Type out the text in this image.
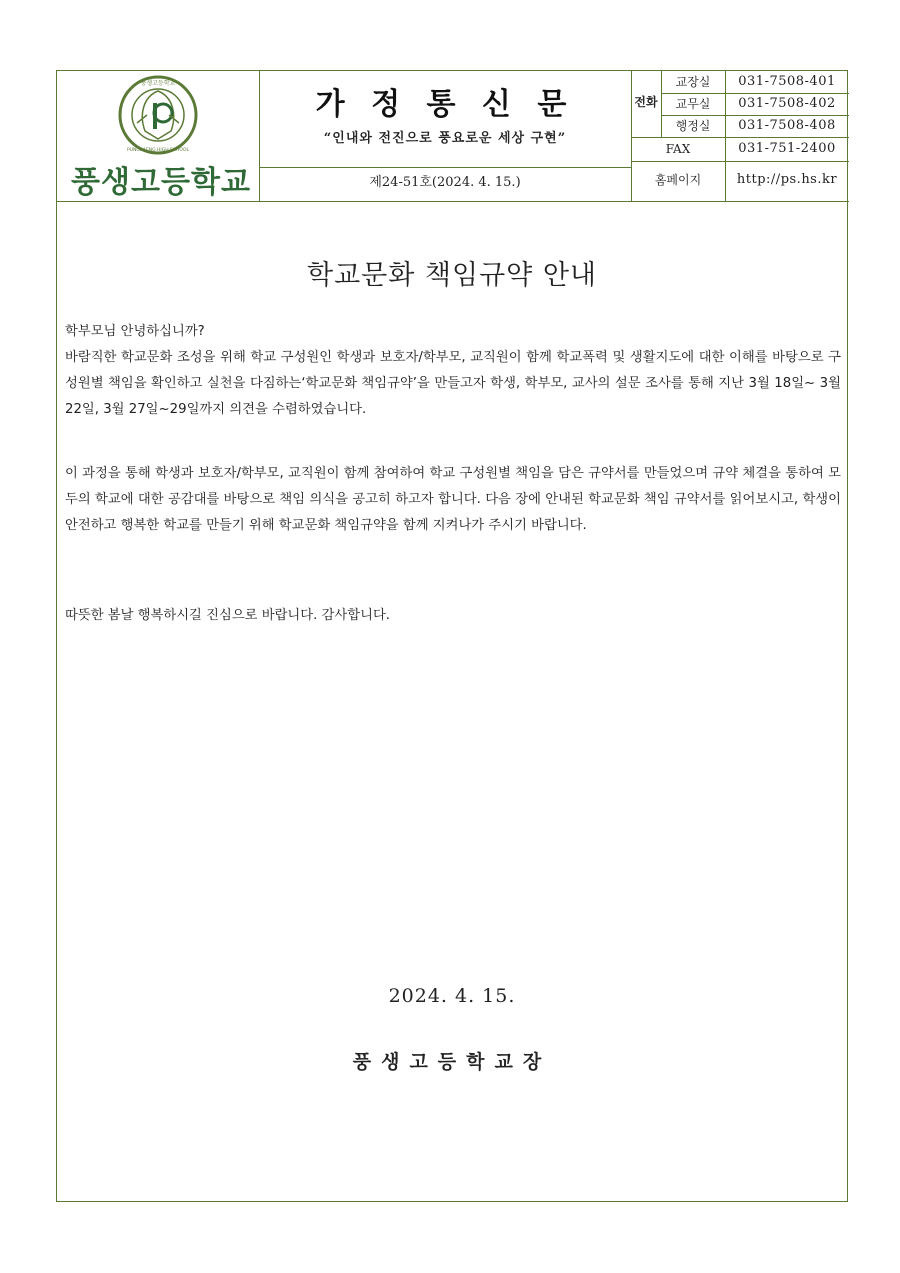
풍생고등학교
PUNGSAENG HIGH SCHOOL
풍생고등학교
가 정 통 신 문
“인내와 전진으로 풍요로운 세상 구현”
제24-51호(2024. 4. 15.)
전화
교장실	031-7508-401
교무실	031-7508-402
행정실	031-7508-408
FAX	031-751-2400
홈페이지	http://ps.hs.kr
학교문화 책임규약 안내
학부모님 안녕하십니까?
바람직한 학교문화 조성을 위해 학교 구성원인 학생과 보호자/학부모, 교직원이 함께 학교폭력 및 생활지도에 대한 이해를 바탕으로 구성원별 책임을 확인하고 실천을 다짐하는‘학교문화 책임규약’을 만들고자 학생, 학부모, 교사의 설문 조사를 통해 지난 3월 18일~ 3월 22일, 3월 27일~29일까지 의견을 수렴하였습니다.
이 과정을 통해 학생과 보호자/학부모, 교직원이 함께 참여하여 학교 구성원별 책임을 담은 규약서를 만들었으며 규약 체결을 통하여 모두의 학교에 대한 공감대를 바탕으로 책임 의식을 공고히 하고자 합니다. 다음 장에 안내된 학교문화 책임 규약서를 읽어보시고, 학생이 안전하고 행복한 학교를 만들기 위해 학교문화 책임규약을 함께 지켜나가 주시기 바랍니다.
따뜻한 봄날 행복하시길 진심으로 바랍니다. 감사합니다.
2024. 4. 15.
풍생고등학교장
